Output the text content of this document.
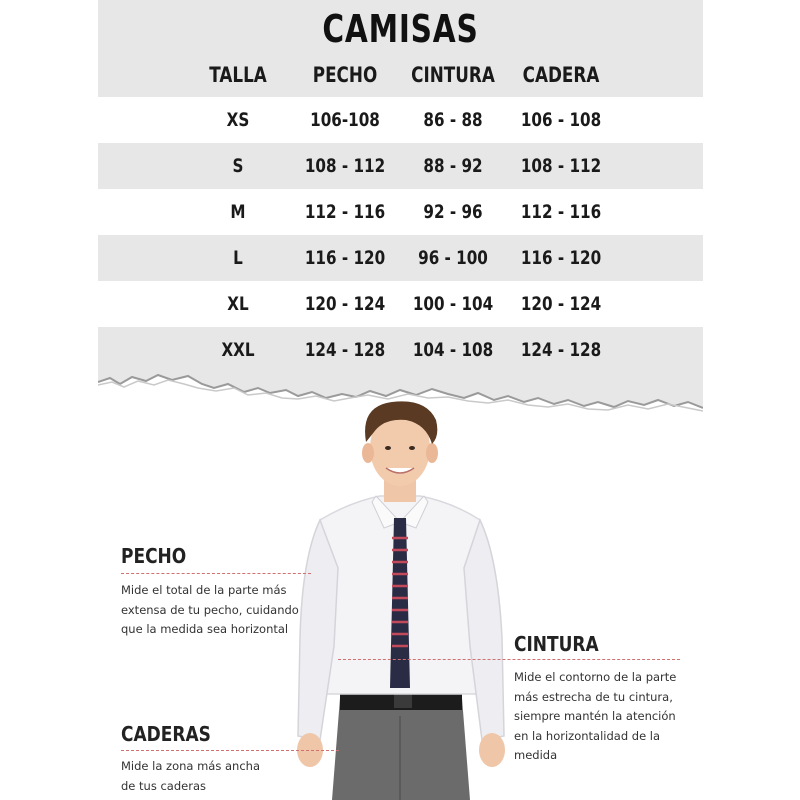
CAMISAS
TALLA	PECHO	CINTURA	CADERA
XS	106-108	86 - 88	106 - 108
S	108 - 112	88 - 92	108 - 112
M	112 - 116	92 - 96	112 - 116
L	116 - 120	96 - 100	116 - 120
XL	120 - 124	100 - 104	120 - 124
XXL	124 - 128	104 - 108	124 - 128
PECHO
Mide el total de la parte más
extensa de tu pecho, cuidando
que la medida sea horizontal
CINTURA
Mide el contorno de la parte
más estrecha de tu cintura,
siempre mantén la atención
en la horizontalidad de la
medida
CADERAS
Mide la zona más ancha
de tus caderas
